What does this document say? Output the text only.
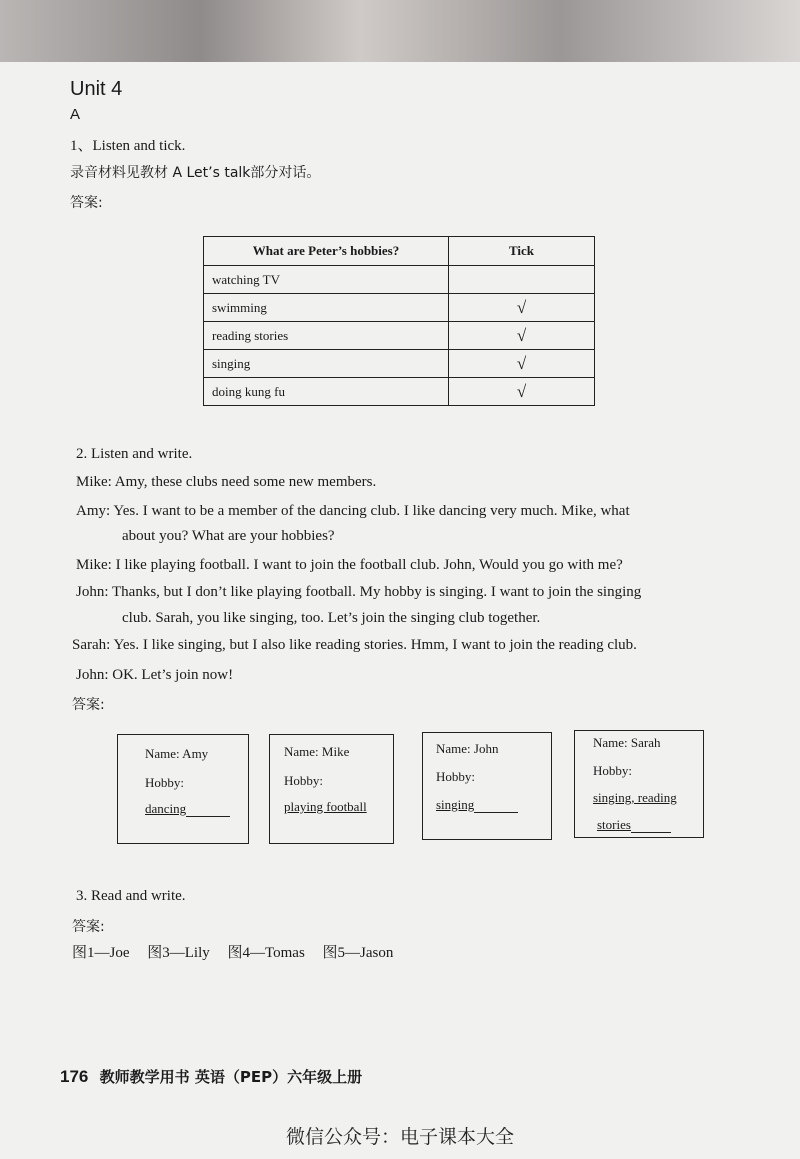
Unit 4
A
1、Listen and tick.
录音材料见教材 A Let’s talk部分对话。
答案:
What are Peter’s hobbies?	Tick
watching TV	
swimming	√
reading stories	√
singing	√
doing kung fu	√
2. Listen and write.
Mike: Amy, these clubs need some new members.
Amy: Yes. I want to be a member of the dancing club. I like dancing very much. Mike, what
about you? What are your hobbies?
Mike: I like playing football. I want to join the football club. John, Would you go with me?
John: Thanks, but I don’t like playing football. My hobby is singing. I want to join the singing
club. Sarah, you like singing, too. Let’s join the singing club together.
Sarah: Yes. I like singing, but I also like reading stories. Hmm, I want to join the reading club.
John: OK. Let’s join now!
答案:
Name: Amy
Hobby:
dancing
Name: Mike
Hobby:
playing football
Name: John
Hobby:
singing
Name: Sarah
Hobby:
singing, reading
stories
3. Read and write.
答案:
图1—Joe 图3—Lily 图4—Tomas 图5—Jason
176 教师教学用书 英语（PEP）六年级上册
微信公众号：电子课本大全
